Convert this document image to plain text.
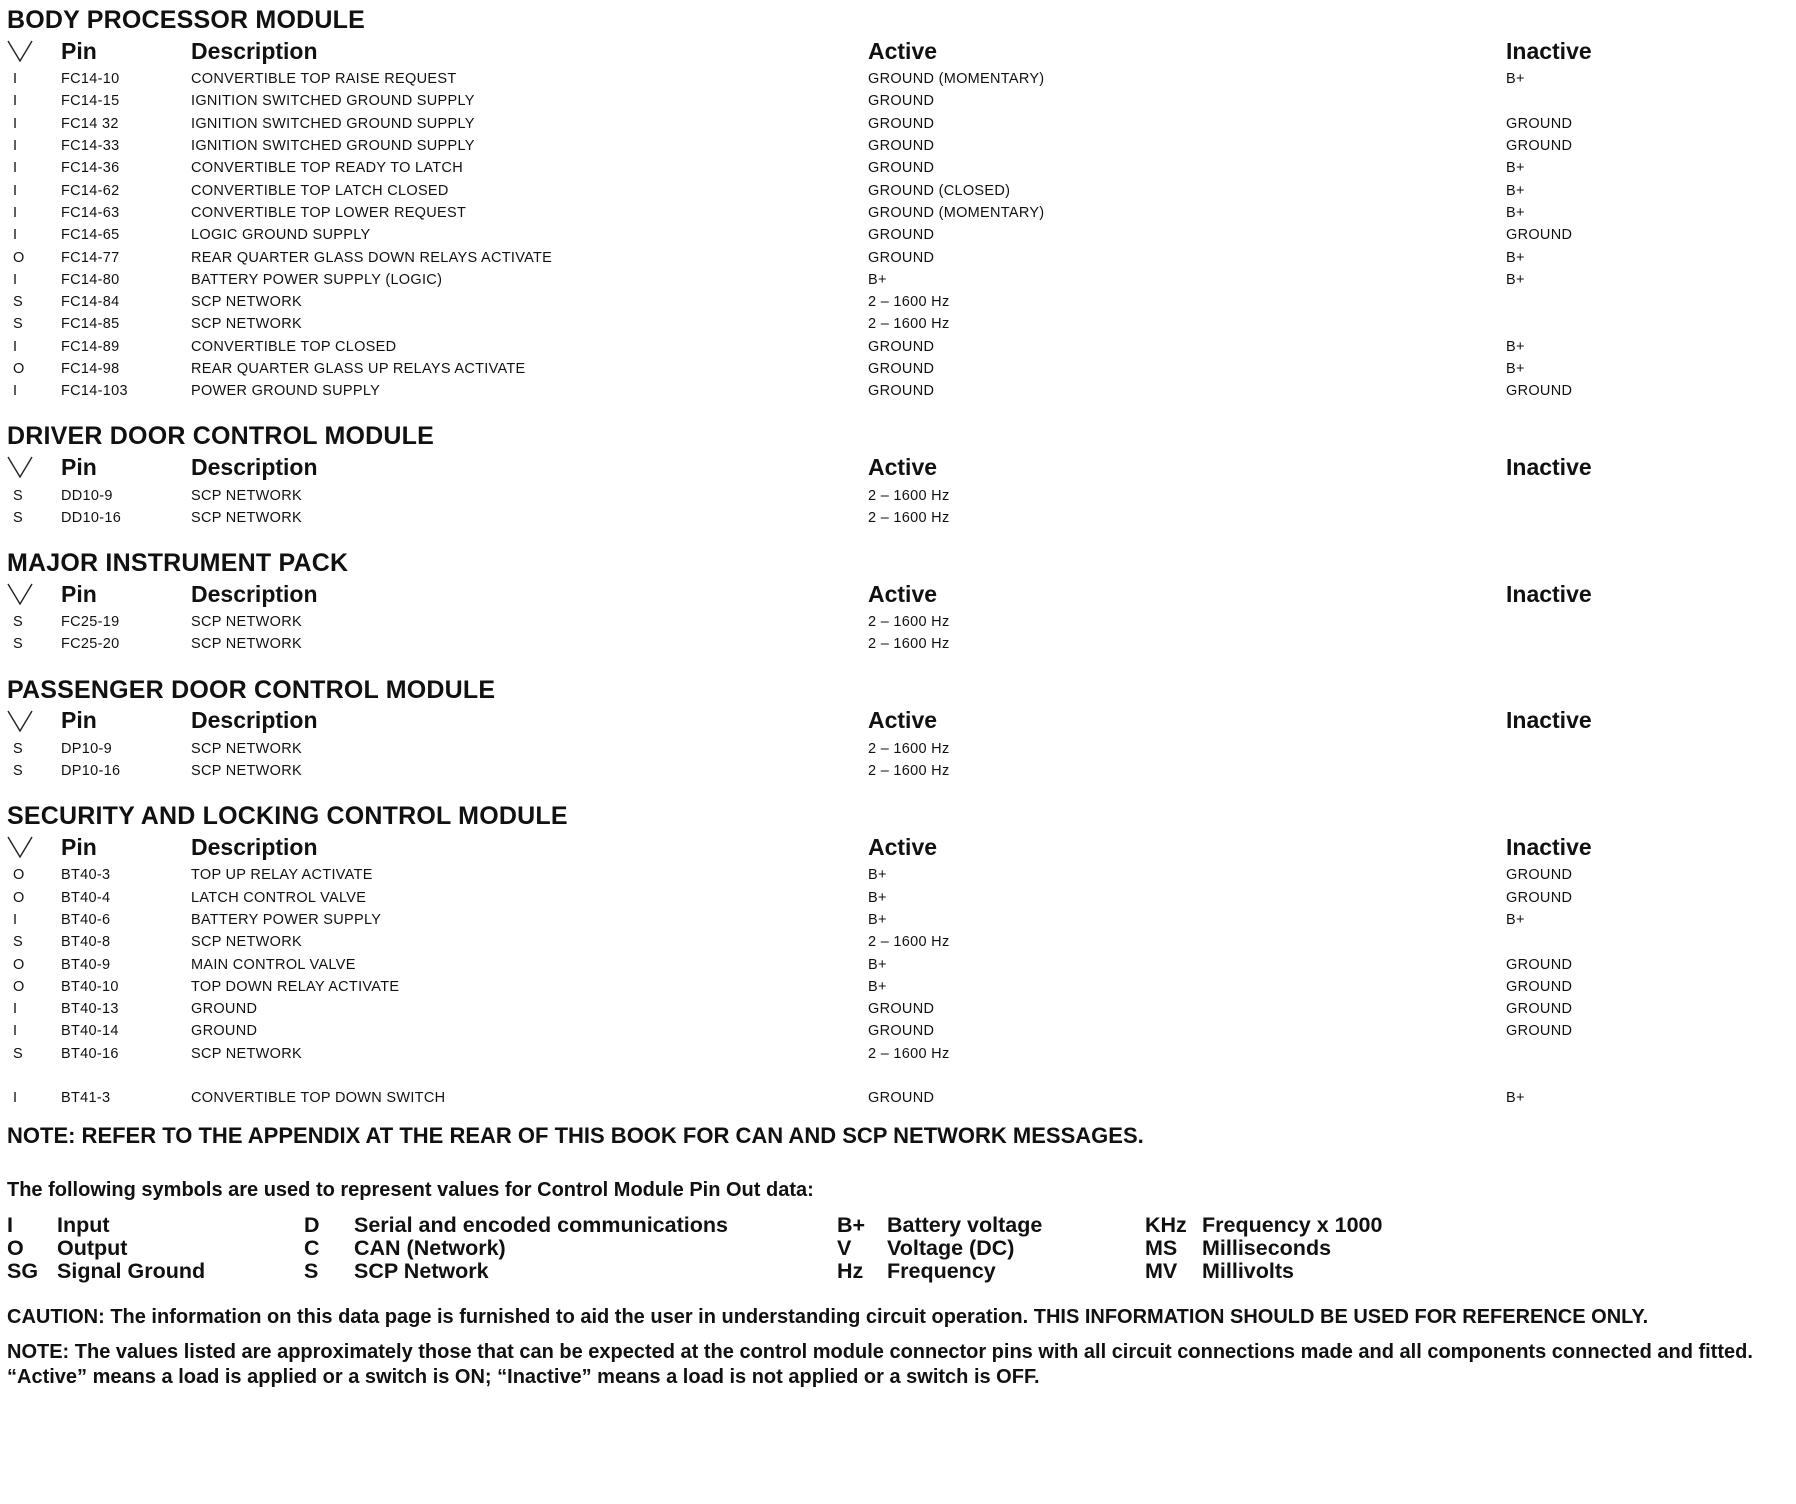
BODY PROCESSOR MODULE
Pin	Description	Active	Inactive
I	FC14-10	CONVERTIBLE TOP RAISE REQUEST	GROUND (MOMENTARY)	B+
I	FC14-15	IGNITION SWITCHED GROUND SUPPLY	GROUND
I	FC14 32	IGNITION SWITCHED GROUND SUPPLY	GROUND	GROUND
I	FC14-33	IGNITION SWITCHED GROUND SUPPLY	GROUND	GROUND
I	FC14-36	CONVERTIBLE TOP READY TO LATCH	GROUND	B+
I	FC14-62	CONVERTIBLE TOP LATCH CLOSED	GROUND (CLOSED)	B+
I	FC14-63	CONVERTIBLE TOP LOWER REQUEST	GROUND (MOMENTARY)	B+
I	FC14-65	LOGIC GROUND SUPPLY	GROUND	GROUND
O	FC14-77	REAR QUARTER GLASS DOWN RELAYS ACTIVATE	GROUND	B+
I	FC14-80	BATTERY POWER SUPPLY (LOGIC)	B+	B+
S	FC14-84	SCP NETWORK	2 – 1600 Hz
S	FC14-85	SCP NETWORK	2 – 1600 Hz
I	FC14-89	CONVERTIBLE TOP CLOSED	GROUND	B+
O	FC14-98	REAR QUARTER GLASS UP RELAYS ACTIVATE	GROUND	B+
I	FC14-103	POWER GROUND SUPPLY	GROUND	GROUND
DRIVER DOOR CONTROL MODULE
Pin	Description	Active	Inactive
S	DD10-9	SCP NETWORK	2 – 1600 Hz
S	DD10-16	SCP NETWORK	2 – 1600 Hz
MAJOR INSTRUMENT PACK
Pin	Description	Active	Inactive
S	FC25-19	SCP NETWORK	2 – 1600 Hz
S	FC25-20	SCP NETWORK	2 – 1600 Hz
PASSENGER DOOR CONTROL MODULE
Pin	Description	Active	Inactive
S	DP10-9	SCP NETWORK	2 – 1600 Hz
S	DP10-16	SCP NETWORK	2 – 1600 Hz
SECURITY AND LOCKING CONTROL MODULE
Pin	Description	Active	Inactive
O	BT40-3	TOP UP RELAY ACTIVATE	B+	GROUND
O	BT40-4	LATCH CONTROL VALVE	B+	GROUND
I	BT40-6	BATTERY POWER SUPPLY	B+	B+
S	BT40-8	SCP NETWORK	2 – 1600 Hz
O	BT40-9	MAIN CONTROL VALVE	B+	GROUND
O	BT40-10	TOP DOWN RELAY ACTIVATE	B+	GROUND
I	BT40-13	GROUND	GROUND	GROUND
I	BT40-14	GROUND	GROUND	GROUND
S	BT40-16	SCP NETWORK	2 – 1600 Hz
I	BT41-3	CONVERTIBLE TOP DOWN SWITCH	GROUND	B+
NOTE: REFER TO THE APPENDIX AT THE REAR OF THIS BOOK FOR CAN AND SCP NETWORK MESSAGES.
The following symbols are used to represent values for Control Module Pin Out data:
I	Input
O	Output
SG Signal Ground
D	Serial and encoded communications
C	CAN (Network)
S	SCP Network
B+	Battery voltage
V	Voltage (DC)
Hz	Frequency
KHz Frequency x 1000
MS	Milliseconds
MV	Millivolts
CAUTION: The information on this data page is furnished to aid the user in understanding circuit operation. THIS INFORMATION SHOULD BE USED FOR REFERENCE ONLY.
NOTE: The values listed are approximately those that can be expected at the control module connector pins with all circuit connections made and all components connected and fitted. “Active” means a load is applied or a switch is ON; “Inactive” means a load is not applied or a switch is OFF.
